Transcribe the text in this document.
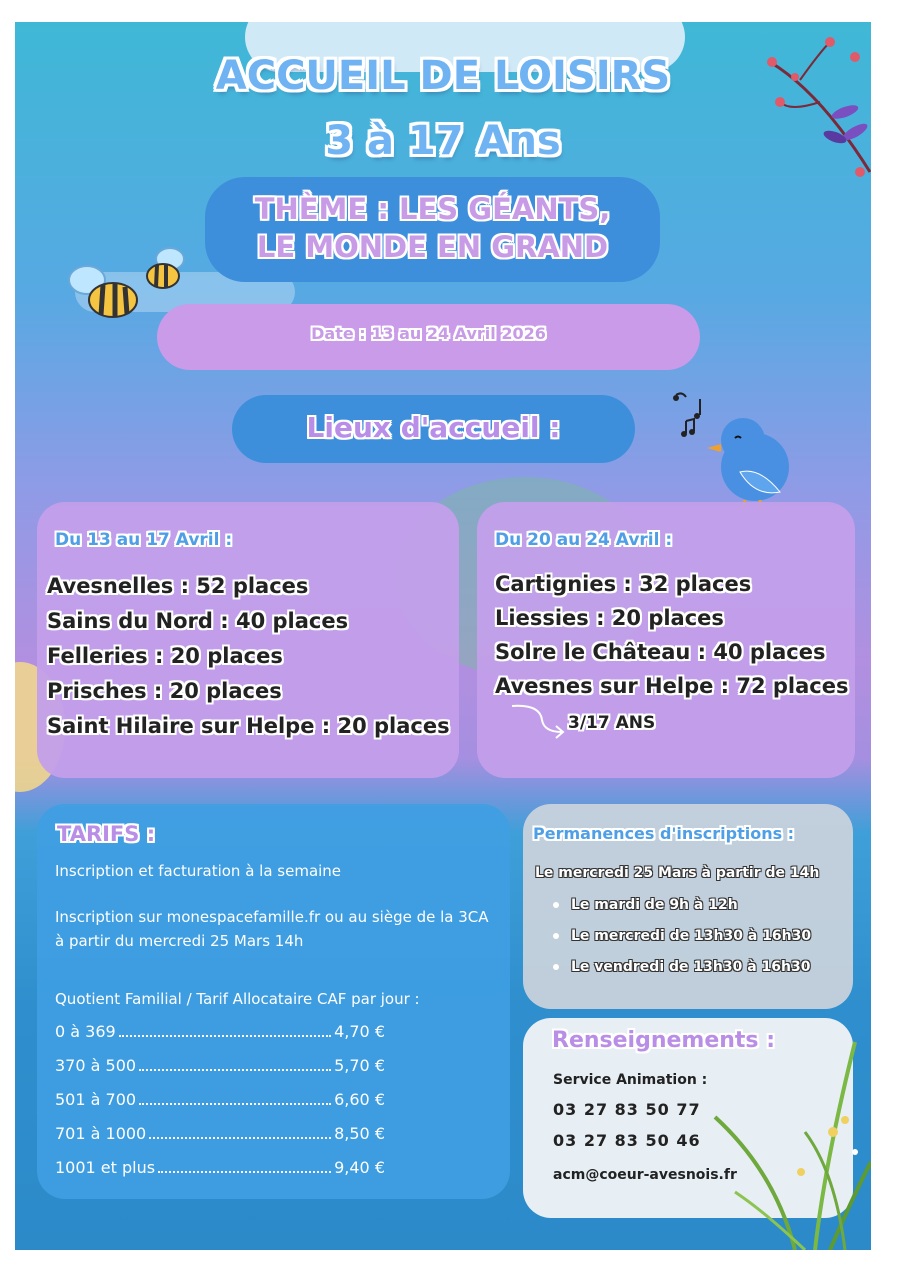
ACCUEIL DE LOISIRS
3 à 17 Ans
THÈME : LES GÉANTS,
LE MONDE EN GRAND
Date : 13 au 24 Avril 2026
Lieux d'accueil :
Du 13 au 17 Avril :
Avesnelles : 52 places
Sains du Nord : 40 places
Felleries : 20 places
Prisches : 20 places
Saint Hilaire sur Helpe : 20 places
Du 20 au 24 Avril :
Cartignies : 32 places
Liessies : 20 places
Solre le Château : 40 places
Avesnes sur Helpe : 72 places
3/17 ANS
TARIFS :
Inscription et facturation à la semaine
Inscription sur monespacefamille.fr ou au siège de la 3CA à partir du mercredi 25 Mars 14h
Quotient Familial / Tarif Allocataire CAF par jour :
0 à 369	4,70 €
370 à 500	5,70 €
501 à 700	6,60 €
701 à 1000	8,50 €
1001 et plus	9,40 €
Permanences d'inscriptions :
Le mercredi 25 Mars à partir de 14h
Le mardi de 9h à 12h
Le mercredi de 13h30 à 16h30
Le vendredi de 13h30 à 16h30
Renseignements :
Service Animation :
03 27 83 50 77
03 27 83 50 46
acm@coeur-avesnois.fr
